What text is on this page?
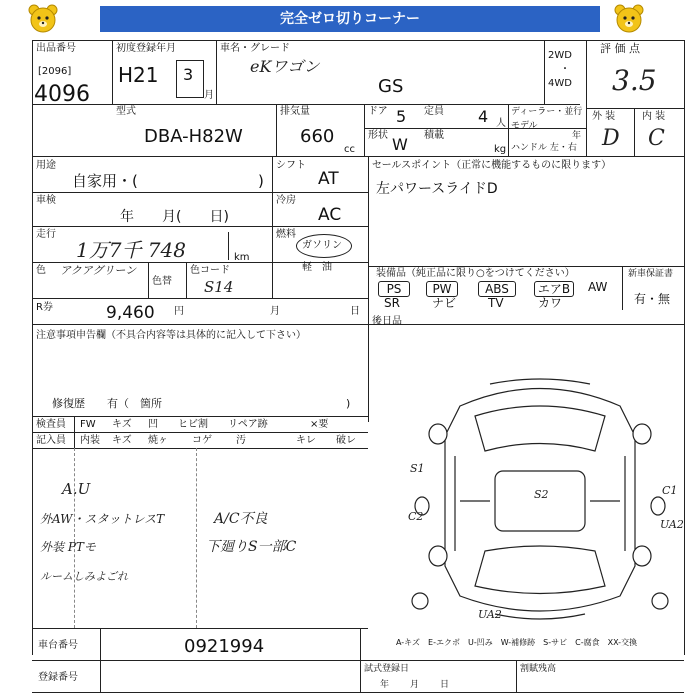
完全ゼロ切りコーナー
出品番号
[2096]
4096
初度登録年月
H21 3
月
車名・グレード
eKワゴン
GS
2WD
・
4WD
評 価 点
3.5
外 装	内 装
D C
型式
DBA-H82W
排気量
660
cc
ドア 5 定員 4 人
形状 W 積載
kg
ディーラー・並行
モデル
年
ハンドル 左・右
用途
自家用・(	)
車検
年　　月(　　日)
走行
1万7千 748	km
色 アクアグリーン
色替
色コード
S14
シフト
AT
冷房
AC
燃料
ガソリン
軽　油
R券	9,460 円	月	日
セールスポイント（正常に機能するものに限ります）
左パワースライドD
装備品（純正品に限り○をつけてください）	新車保証書
有・無
PS	PW	ABS	エアB	AW
SR	ナビ	TV	カワ
後日品
注意事項申告欄（不具合内容等は具体的に記入して下さい）
修復歴　　有（　箇所	)
検査員
記入員
FW キズ 凹 ヒビ割 リペア跡	×要
内装 キズ 焼ヶ コゲ 汚	キレ 破レ
A.U
外AW・スタットレスT	A/C不良
外装 PTモ	下廻りS一部C
ルームしみよごれ
S1
S2	C1
C2
UA2
UA2
A-キズ　E-エクボ　U-凹み　W-補修跡　S-サビ　C-腐食　XX-交換
車台番号	0921994
登録番号
試式登録日
年 月 日
割賦残高
